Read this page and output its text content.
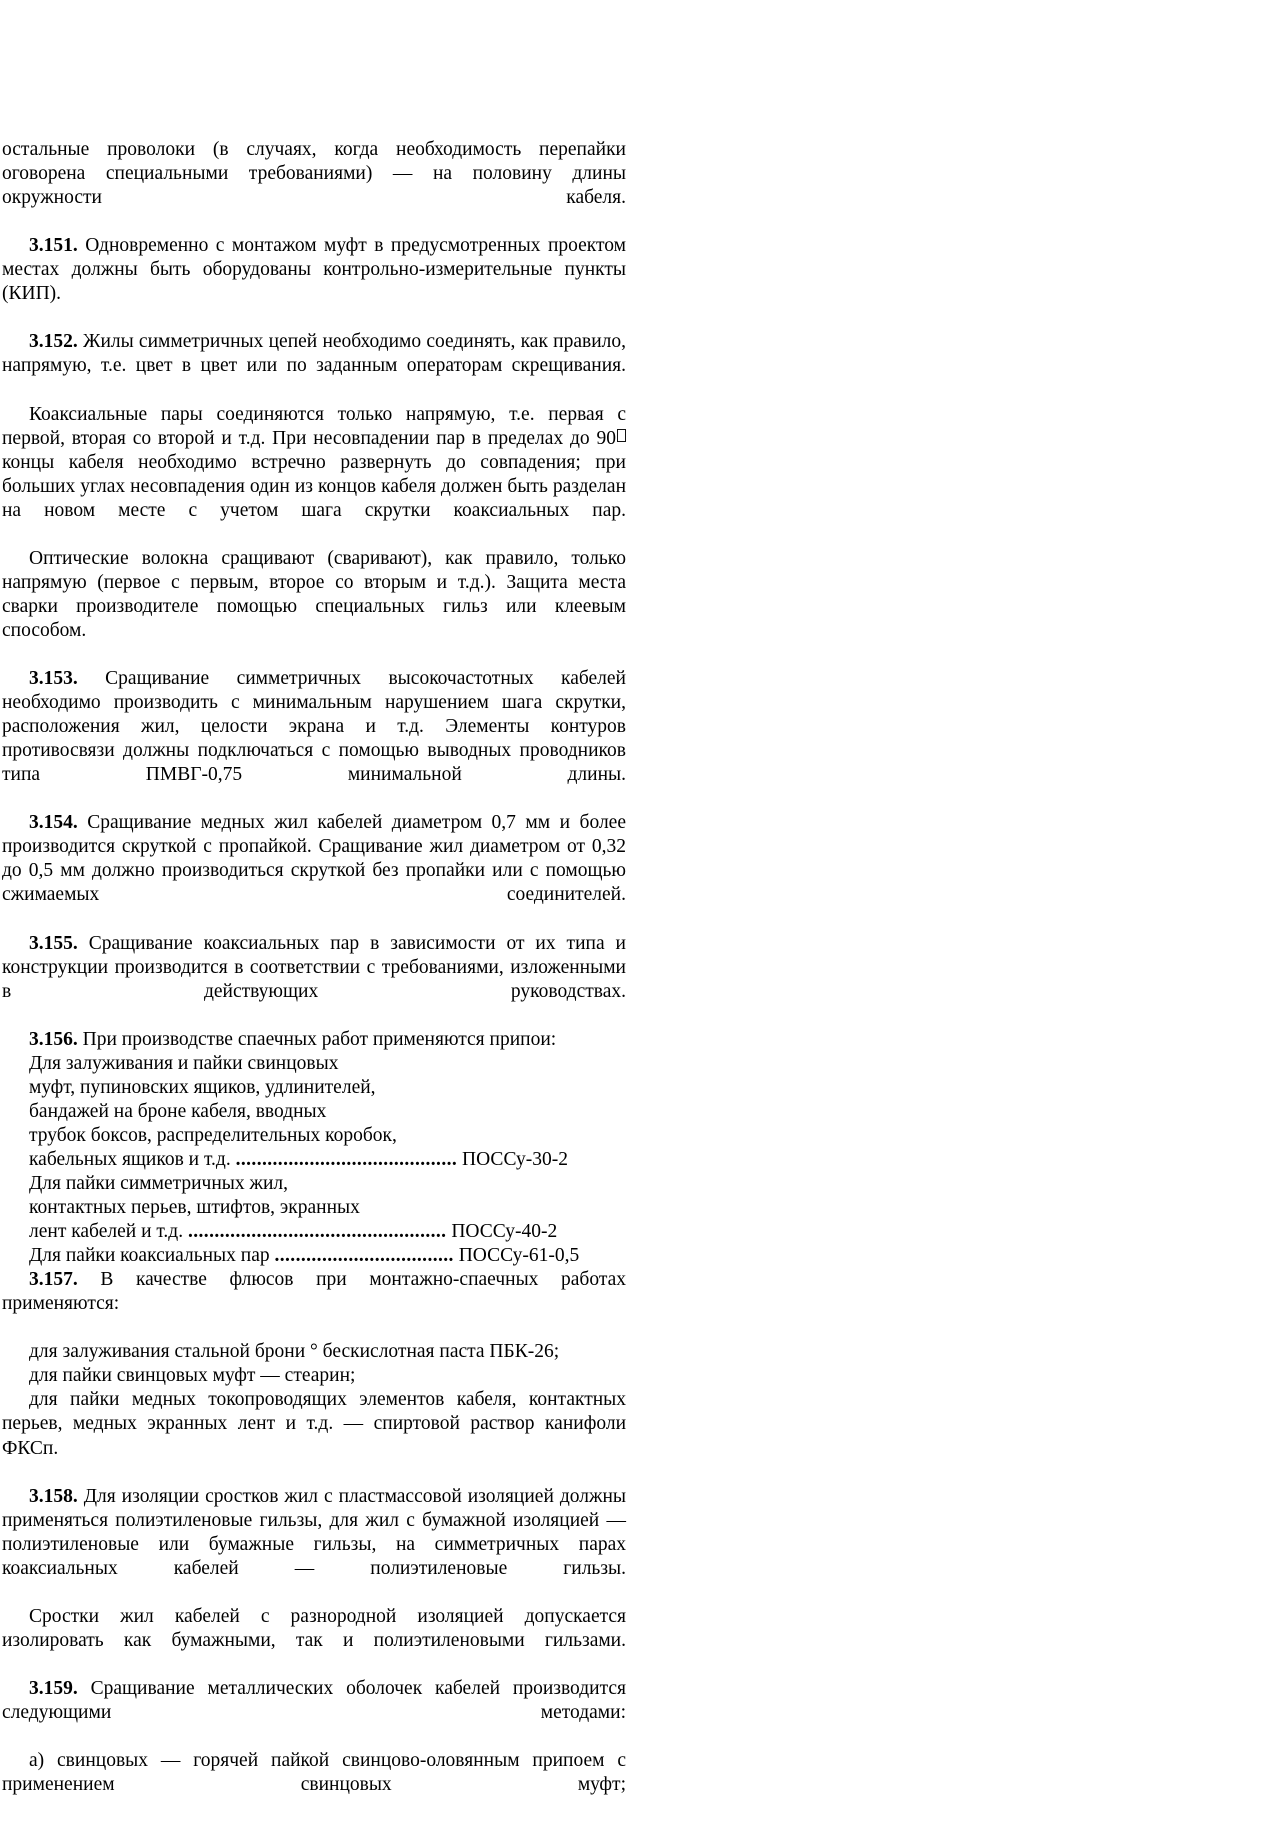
остальные проволоки (в случаях, когда необходимость перепайки оговорена специальными требованиями) — на половину длины окружности кабеля.

3.151. Одновременно с монтажом муфт в предусмотренных проектом местах должны быть оборудованы контрольно-измерительные пункты (КИП).

3.152. Жилы симметричных цепей необходимо соединять, как правило, напрямую, т.е. цвет в цвет или по заданным операторам скрещивания.

Коаксиальные пары соединяются только напрямую, т.е. первая с первой, вторая со второй и т.д. При несовпадении пар в пределах до 90 концы кабеля необходимо встречно развернуть до совпадения; при больших углах несовпадения один из концов кабеля должен быть разделан на новом месте с учетом шага скрутки коаксиальных пар.

Оптические волокна сращивают (сваривают), как правило, только напрямую (первое с первым, второе со вторым и т.д.). Защита места сварки производителе помощью специальных гильз или клеевым способом.

3.153. Сращивание симметричных высокочастотных кабелей необходимо производить с минимальным нарушением шага скрутки, расположения жил, целости экрана и т.д. Элементы контуров противосвязи должны подключаться с помощью выводных проводников типа ПМВГ-0,75 минимальной длины.

3.154. Сращивание медных жил кабелей диаметром 0,7 мм и более производится скруткой с пропайкой. Сращивание жил диаметром от 0,32 до 0,5 мм должно производиться скруткой без пропайки или с помощью сжимаемых соединителей.

3.155. Сращивание коаксиальных пар в зависимости от их типа и конструкции производится в соответствии с требованиями, изложенными в действующих руководствах.

3.156. При производстве спаечных работ применяются припои:

Для залуживания и пайки свинцовых

муфт, пупиновских ящиков, удлинителей,

бандажей на броне кабеля, вводных

трубок боксов, распределительных коробок,

кабельных ящиков и т.д. .......................................... ПОССу-30-2

Для пайки симметричных жил,

контактных перьев, штифтов, экранных

лент кабелей и т.д. ................................................. ПОССу-40-2

Для пайки коаксиальных пар .................................. ПОССу-61-0,5

3.157. В качестве флюсов при монтажно-спаечных работах применяются:

для залуживания стальной брони ° бескислотная паста ПБК-26;

для пайки свинцовых муфт — стеарин;

для пайки медных токопроводящих элементов кабеля, контактных перьев, медных экранных лент и т.д. — спиртовой раствор канифоли ФКСп.

3.158. Для изоляции сростков жил с пластмассовой изоляцией должны применяться полиэтиленовые гильзы, для жил с бумажной изоляцией — полиэтиленовые или бумажные гильзы, на симметричных парах коаксиальных кабелей — полиэтиленовые гильзы.

Сростки жил кабелей с разнородной изоляцией допускается изолировать как бумажными, так и полиэтиленовыми гильзами.

3.159. Сращивание металлических оболочек кабелей производится следующими методами:

а) свинцовых — горячей пайкой свинцово-оловянным припоем с применением свинцовых муфт;
